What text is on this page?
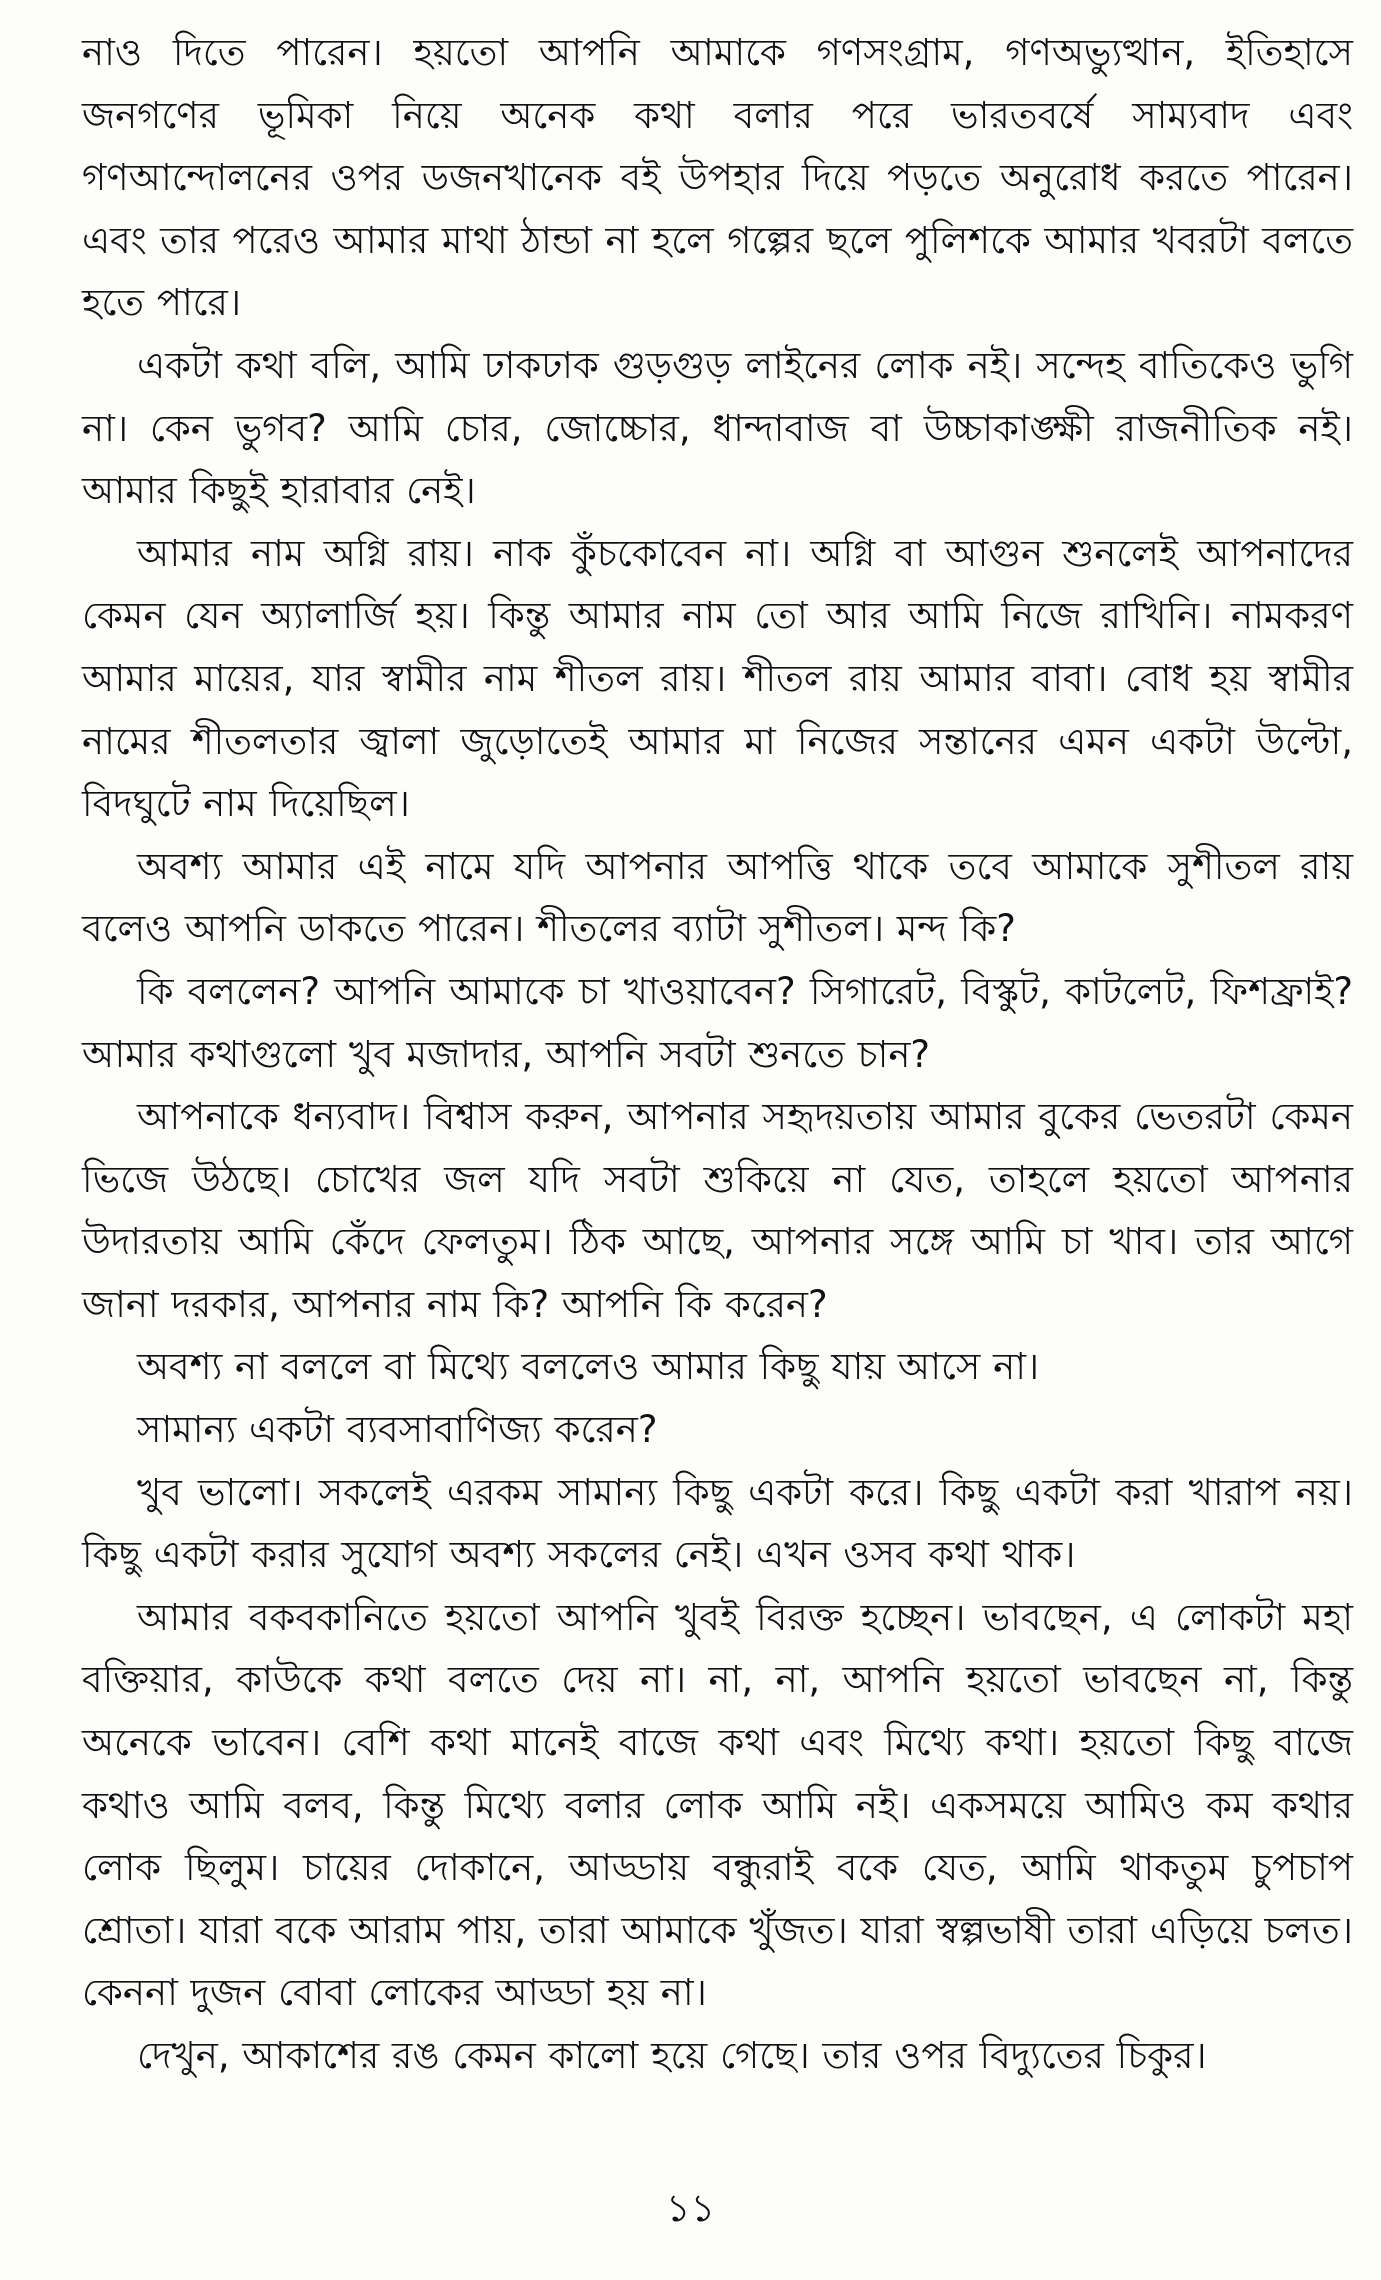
নাও দিতে পারেন। হয়তো আপনি আমাকে গণসংগ্রাম, গণঅভ্যুত্থান, ইতিহাসে জনগণের ভূমিকা নিয়ে অনেক কথা বলার পরে ভারতবর্ষে সাম্যবাদ এবং গণআন্দোলনের ওপর ডজনখানেক বই উপহার দিয়ে পড়তে অনুরোধ করতে পারেন। এবং তার পরেও আমার মাথা ঠান্ডা না হলে গল্পের ছলে পুলিশকে আমার খবরটা বলতে হতে পারে।

একটা কথা বলি, আমি ঢাকঢাক গুড়গুড় লাইনের লোক নই। সন্দেহ বাতিকেও ভুগি না। কেন ভুগব? আমি চোর, জোচ্চোর, ধান্দাবাজ বা উচ্চাকাঙ্ক্ষী রাজনীতিক নই। আমার কিছুই হারাবার নেই।

আমার নাম অগ্নি রায়। নাক কুঁচকোবেন না। অগ্নি বা আগুন শুনলেই আপনাদের কেমন যেন অ্যালার্জি হয়। কিন্তু আমার নাম তো আর আমি নিজে রাখিনি। নামকরণ আমার মায়ের, যার স্বামীর নাম শীতল রায়। শীতল রায় আমার বাবা। বোধ হয় স্বামীর নামের শীতলতার জ্বালা জুড়োতেই আমার মা নিজের সন্তানের এমন একটা উল্টো, বিদঘুটে নাম দিয়েছিল।

অবশ্য আমার এই নামে যদি আপনার আপত্তি থাকে তবে আমাকে সুশীতল রায় বলেও আপনি ডাকতে পারেন। শীতলের ব্যাটা সুশীতল। মন্দ কি?

কি বললেন? আপনি আমাকে চা খাওয়াবেন? সিগারেট, বিস্কুট, কাটলেট, ফিশফ্রাই? আমার কথাগুলো খুব মজাদার, আপনি সবটা শুনতে চান?

আপনাকে ধন্যবাদ। বিশ্বাস করুন, আপনার সহৃদয়তায় আমার বুকের ভেতরটা কেমন ভিজে উঠছে। চোখের জল যদি সবটা শুকিয়ে না যেত, তাহলে হয়তো আপনার উদারতায় আমি কেঁদে ফেলতুম। ঠিক আছে, আপনার সঙ্গে আমি চা খাব। তার আগে জানা দরকার, আপনার নাম কি? আপনি কি করেন?

অবশ্য না বললে বা মিথ্যে বললেও আমার কিছু যায় আসে না।

সামান্য একটা ব্যবসাবাণিজ্য করেন?

খুব ভালো। সকলেই এরকম সামান্য কিছু একটা করে। কিছু একটা করা খারাপ নয়। কিছু একটা করার সুযোগ অবশ্য সকলের নেই। এখন ওসব কথা থাক।

আমার বকবকানিতে হয়তো আপনি খুবই বিরক্ত হচ্ছেন। ভাবছেন, এ লোকটা মহা বক্তিয়ার, কাউকে কথা বলতে দেয় না। না, না, আপনি হয়তো ভাবছেন না, কিন্তু অনেকে ভাবেন। বেশি কথা মানেই বাজে কথা এবং মিথ্যে কথা। হয়তো কিছু বাজে কথাও আমি বলব, কিন্তু মিথ্যে বলার লোক আমি নই। একসময়ে আমিও কম কথার লোক ছিলুম। চায়ের দোকানে, আড্ডায় বন্ধুরাই বকে যেত, আমি থাকতুম চুপচাপ শ্রোতা। যারা বকে আরাম পায়, তারা আমাকে খুঁজত। যারা স্বল্পভাষী তারা এড়িয়ে চলত। কেননা দুজন বোবা লোকের আড্ডা হয় না।

দেখুন, আকাশের রঙ কেমন কালো হয়ে গেছে। তার ওপর বিদ্যুতের চিকুর।

১১
